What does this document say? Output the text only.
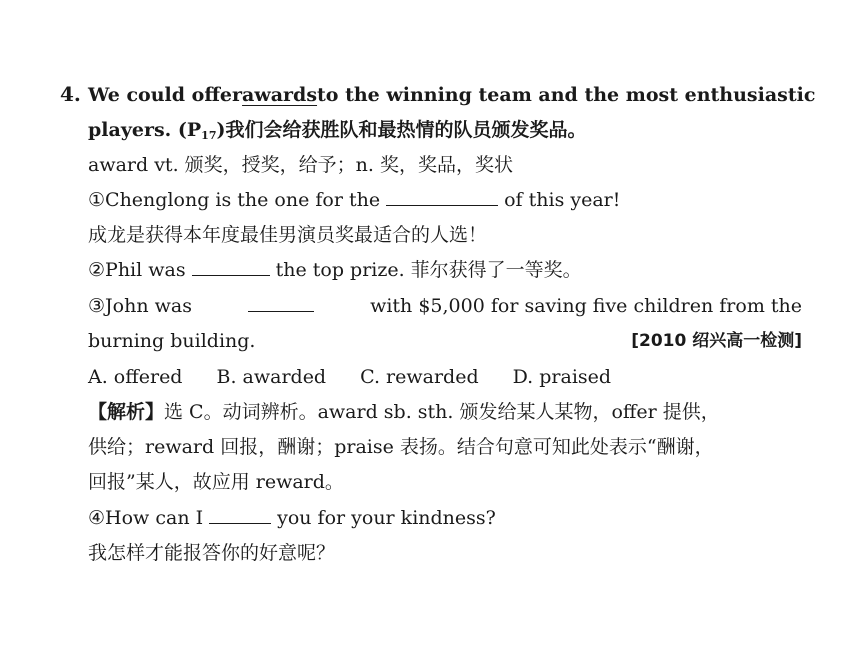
4. We could offer awards to the winning team and the most enthusiastic
players. $(P_{17})$我们会给获胜队和最热情的队员颁发奖品。
award vt. 颁奖，授奖，给予；n. 奖，奖品，奖状
①Chenglong is the one for the	of this year!
成龙是获得本年度最佳男演员奖最适合的人选！
②Phil was	the top prize. 菲尔获得了一等奖。
③John was	with $5,000 for saving five children from the
burning building.	[2010 绍兴高一检测]
A. offered B. awarded C. rewarded D. praised
【解析】选 C。动词辨析。award sb. sth. 颁发给某人某物，offer 提供，
供给；reward 回报，酬谢；praise 表扬。结合句意可知此处表示“酬谢，
回报”某人，故应用 reward。
④How can I	you for your kindness?
我怎样才能报答你的好意呢？
